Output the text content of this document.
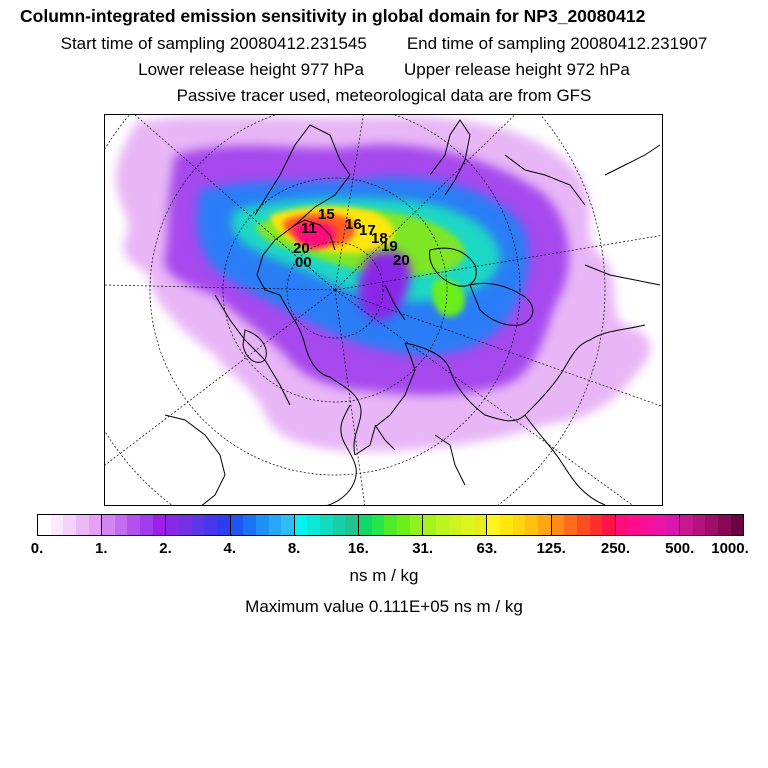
Column-integrated emission sensitivity in global domain for NP3_20080412
Start time of sampling 20080412.231545 End time of sampling 20080412.231907
Lower release height 977 hPa Upper release height 972 hPa
Passive tracer used, meteorological data are from GFS
11
15
16
17
18
19
20
20
00
0.	1.	2.	4.	8.	16.	31.	63.	125. 250. 500. 1000.
ns m / kg
Maximum value 0.111E+05 ns m / kg
